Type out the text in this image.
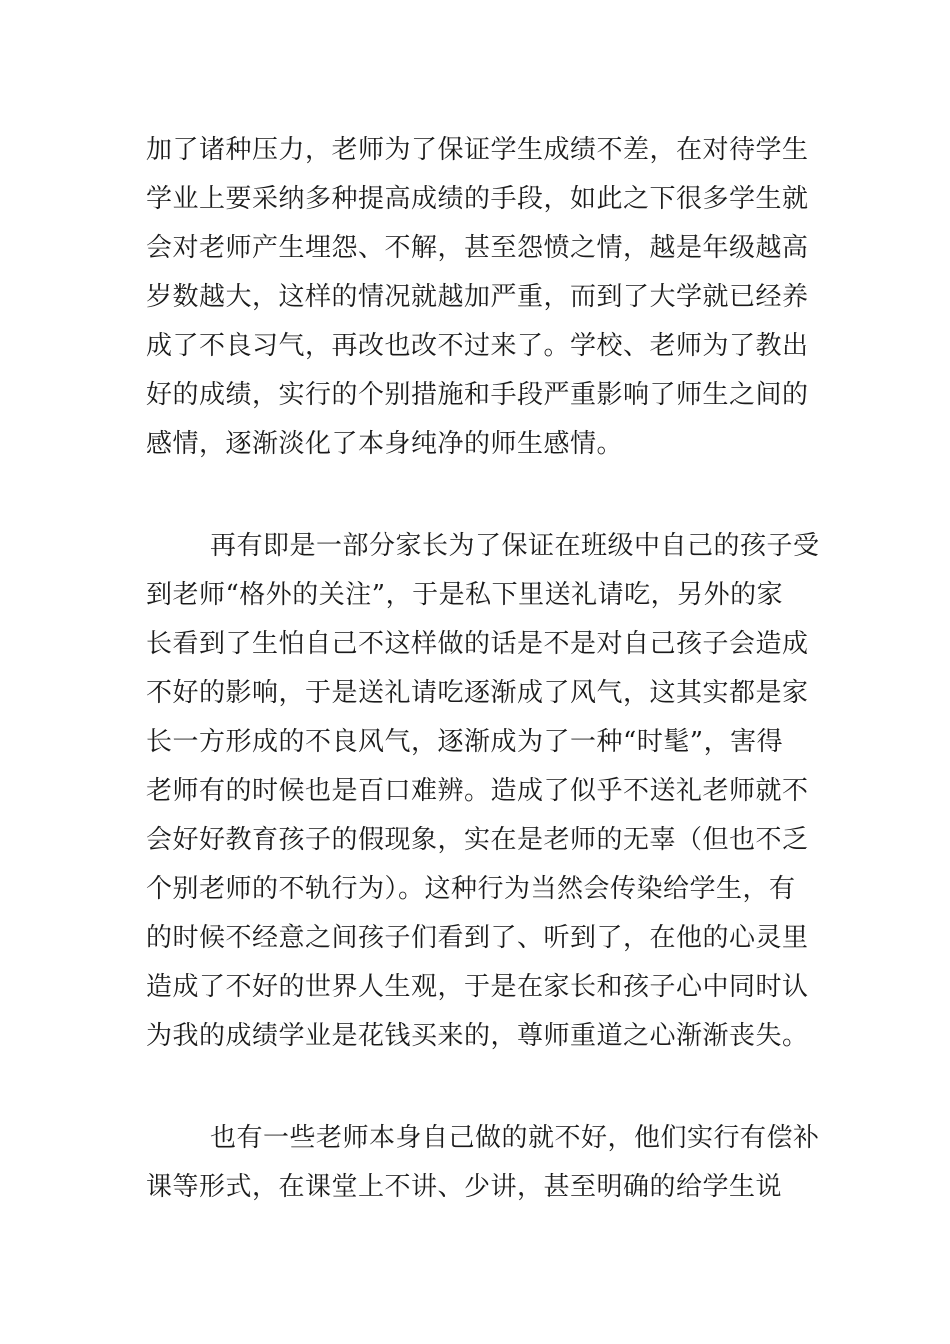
加了诸种压力，老师为了保证学生成绩不差，在对待学生
学业上要采纳多种提高成绩的手段，如此之下很多学生就
会对老师产生埋怨、不解，甚至怨愤之情，越是年级越高
岁数越大，这样的情况就越加严重，而到了大学就已经养
成了不良习气，再改也改不过来了。学校、老师为了教出
好的成绩，实行的个别措施和手段严重影响了师生之间的
感情，逐渐淡化了本身纯净的师生感情。
再有即是一部分家长为了保证在班级中自己的孩子受
到老师“格外的关注”，于是私下里送礼请吃，另外的家
长看到了生怕自己不这样做的话是不是对自己孩子会造成
不好的影响，于是送礼请吃逐渐成了风气，这其实都是家
长一方形成的不良风气，逐渐成为了一种“时髦”，害得
老师有的时候也是百口难辨。造成了似乎不送礼老师就不
会好好教育孩子的假现象，实在是老师的无辜（但也不乏
个别老师的不轨行为）。这种行为当然会传染给学生，有
的时候不经意之间孩子们看到了、听到了，在他的心灵里
造成了不好的世界人生观，于是在家长和孩子心中同时认
为我的成绩学业是花钱买来的，尊师重道之心渐渐丧失。
也有一些老师本身自己做的就不好，他们实行有偿补
课等形式，在课堂上不讲、少讲，甚至明确的给学生说
